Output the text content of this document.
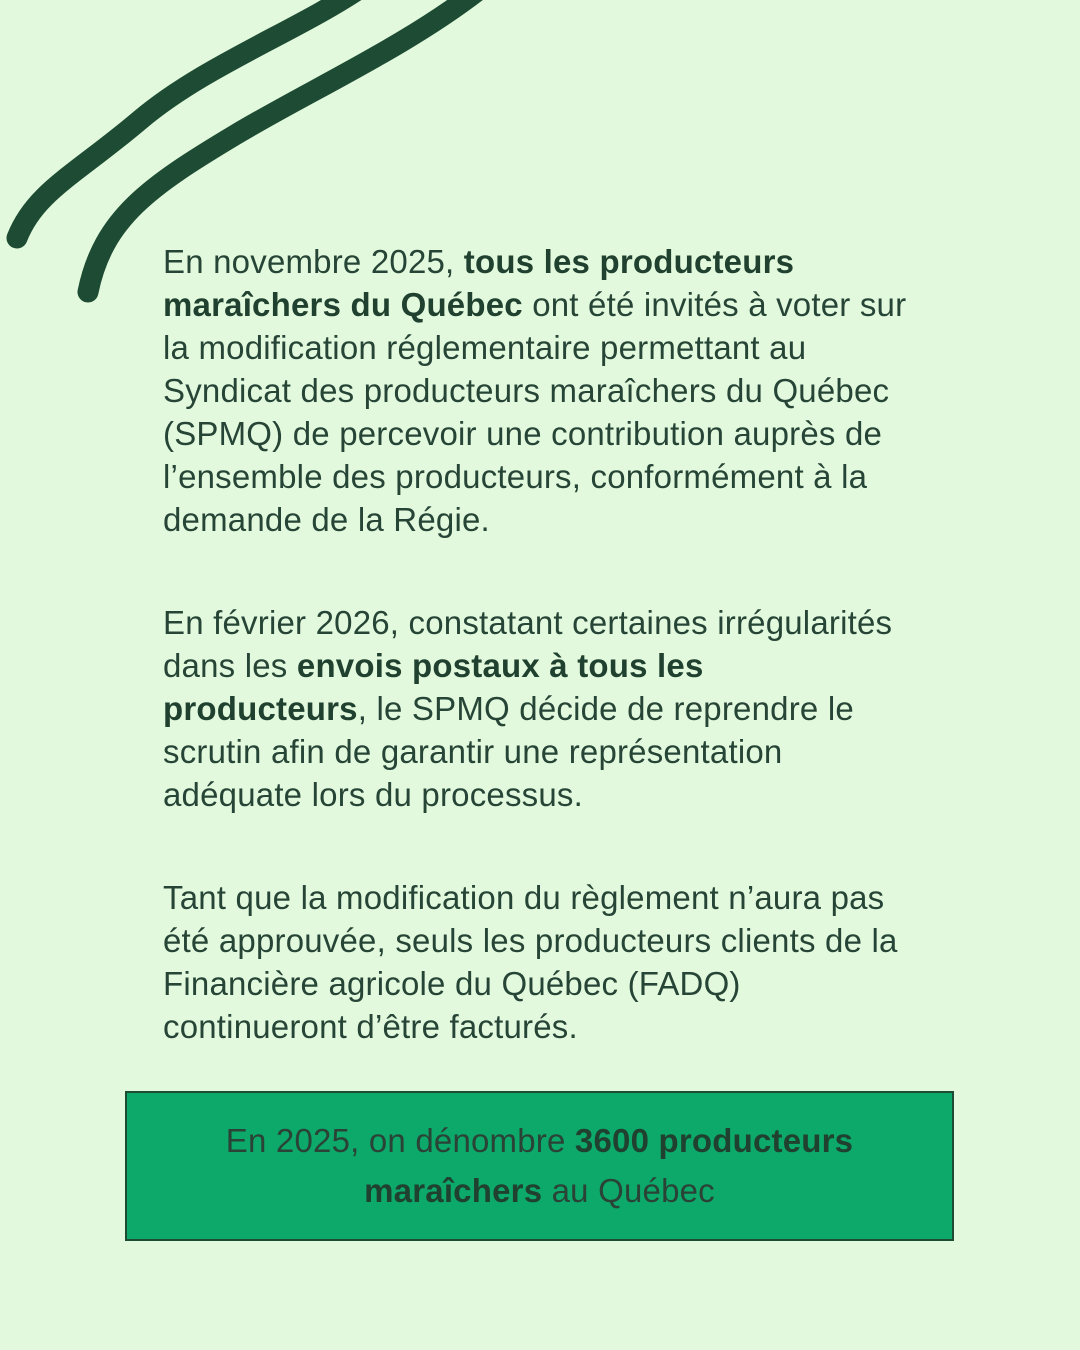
En novembre 2025, tous les producteurs maraîchers du Québec ont été invités à voter sur la modification réglementaire permettant au Syndicat des producteurs maraîchers du Québec (SPMQ) de percevoir une contribution auprès de l’ensemble des producteurs, conformément à la demande de la Régie.

En février 2026, constatant certaines irrégularités dans les envois postaux à tous les producteurs, le SPMQ décide de reprendre le scrutin afin de garantir une représentation adéquate lors du processus.

Tant que la modification du règlement n’aura pas été approuvée, seuls les producteurs clients de la Financière agricole du Québec (FADQ) continueront d’être facturés.

En 2025, on dénombre 3600 producteurs maraîchers au Québec
